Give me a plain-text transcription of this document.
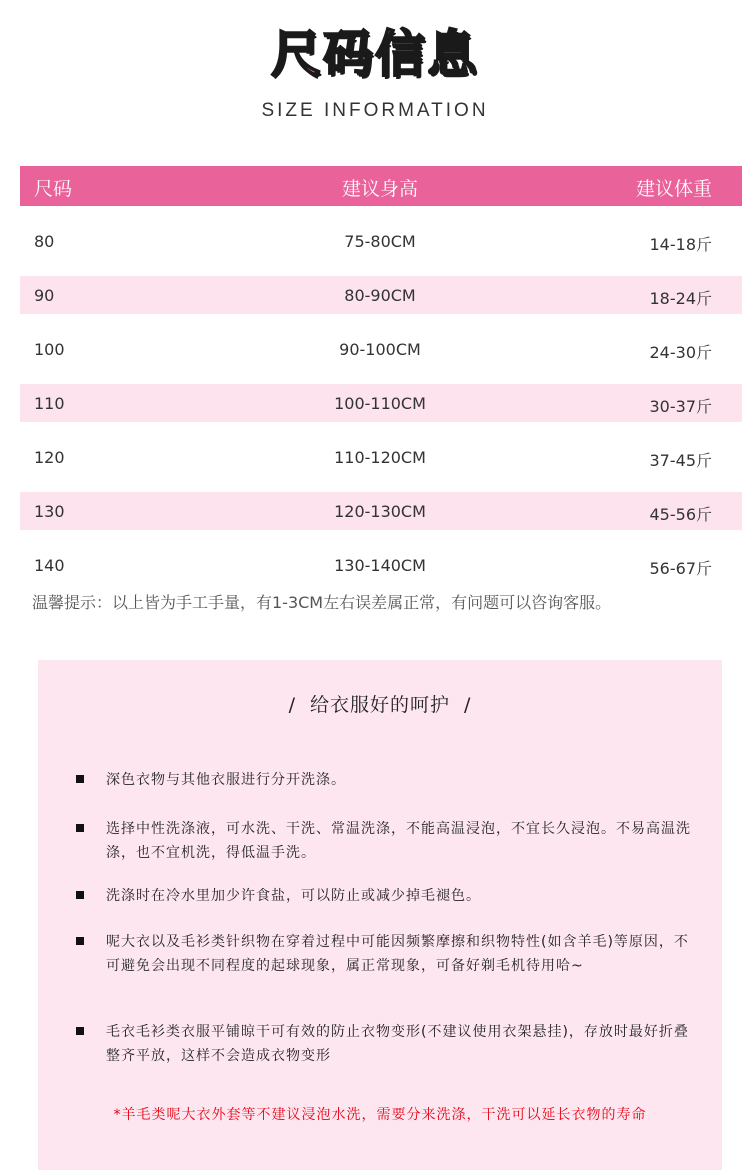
尺码信息
SIZE INFORMATION
尺码	建议身高	建议体重
80	75-80CM	14-18斤
90	80-90CM	18-24斤
100	90-100CM	24-30斤
110	100-110CM	30-37斤
120	110-120CM	37-45斤
130	120-130CM	45-56斤
140	130-140CM	56-67斤
温馨提示：以上皆为手工手量，有1-3CM左右误差属正常，有问题可以咨询客服。
/ 给衣服好的呵护 /
深色衣物与其他衣服进行分开洗涤。
选择中性洗涤液，可水洗、干洗、常温洗涤，不能高温浸泡，不宜长久浸泡。不易高温洗涤，也不宜机洗，得低温手洗。
洗涤时在冷水里加少许食盐，可以防止或减少掉毛褪色。
呢大衣以及毛衫类针织物在穿着过程中可能因频繁摩擦和织物特性(如含羊毛)等原因，不可避免会出现不同程度的起球现象，属正常现象，可备好剃毛机待用哈~
毛衣毛衫类衣服平铺晾干可有效的防止衣物变形(不建议使用衣架悬挂)，存放时最好折叠整齐平放，这样不会造成衣物变形
*羊毛类呢大衣外套等不建议浸泡水洗，需要分来洗涤，干洗可以延长衣物的寿命
